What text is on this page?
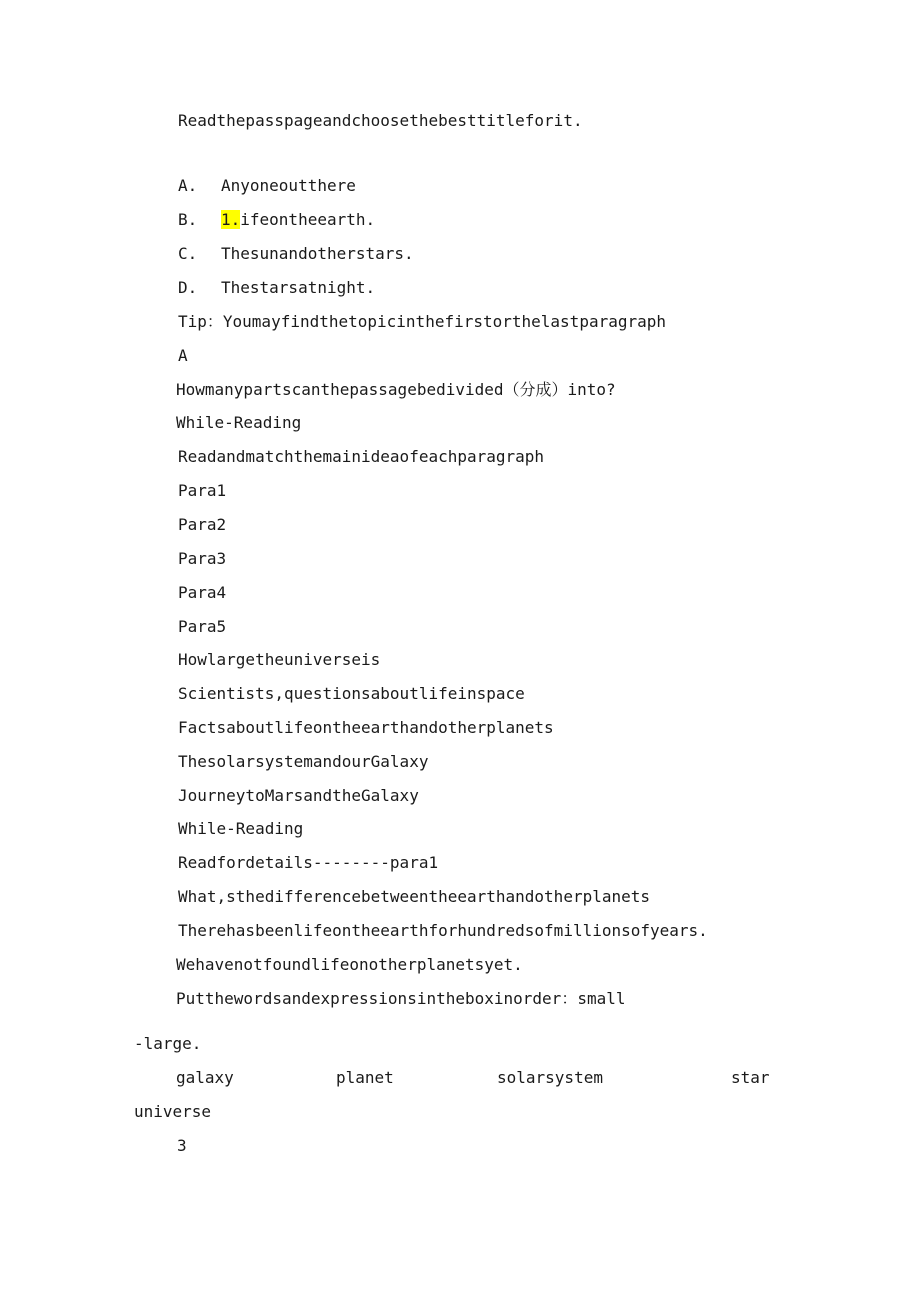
Readthepasspageandchoosethebesttitleforit.
A. Anyoneoutthere
B. 1.ifeontheearth.
C. Thesunandotherstars.
D. Thestarsatnight.
Tip：Youmayfindthetopicinthefirstorthelastparagraph
A
Howmanypartscanthepassagebedivided（分成）into?
While-Reading
Readandmatchthemainideaofeachparagraph
Para1
Para2
Para3
Para4
Para5
Howlargetheuniverseis
Scientists,questionsaboutlifeinspace
Factsaboutlifeontheearthandotherplanets
ThesolarsystemandourGalaxy
JourneytoMarsandtheGalaxy
While-Reading
Readfordetails--------para1
What,sthedifferencebetweentheearthandotherplanets
Therehasbeenlifeontheearthforhundredsofmillionsofyears.
Wehavenotfoundlifeonotherplanetsyet.
Putthewordsandexpressionsintheboxinorder：small
-large.
galaxy	planet	solarsystem	star
universe
3
